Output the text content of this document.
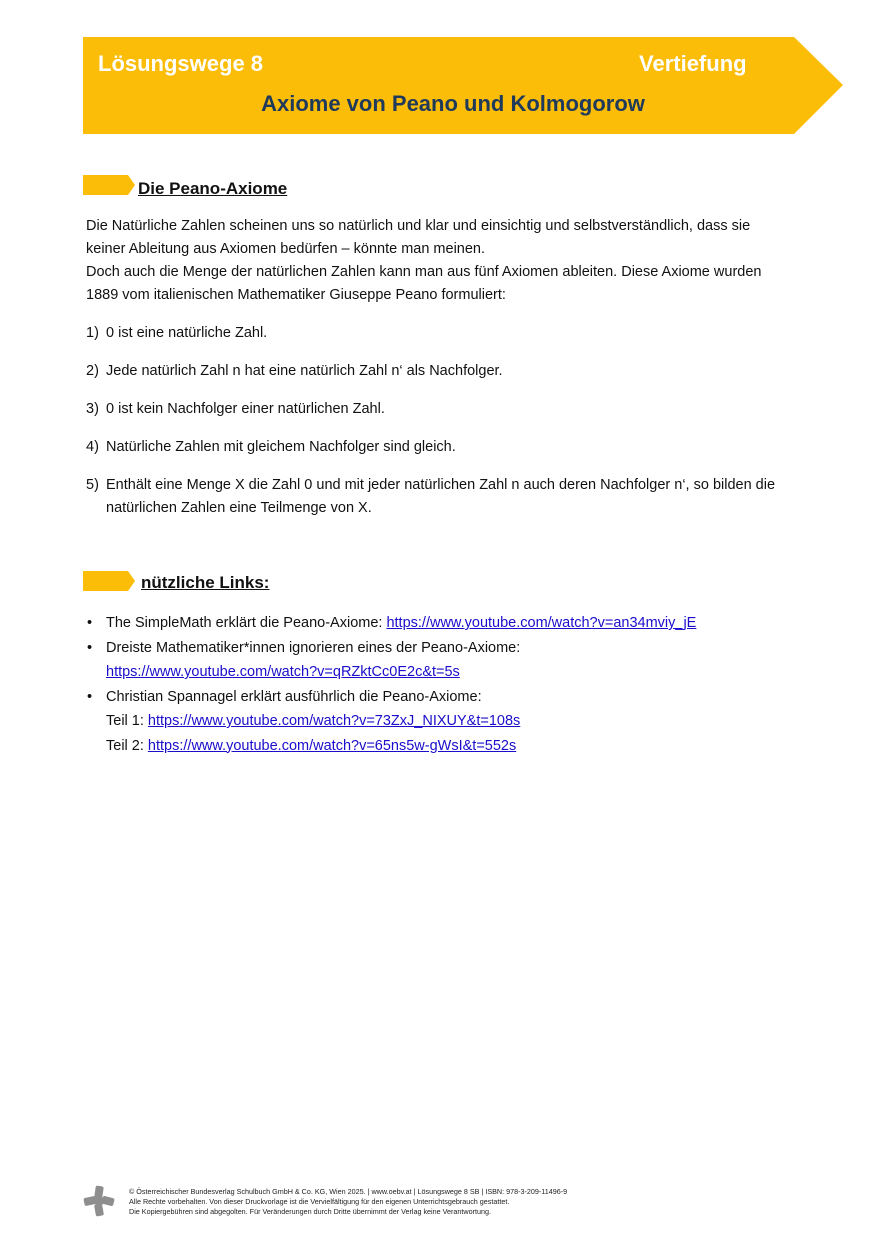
Lösungswege 8	Vertiefung
Axiome von Peano und Kolmogorow
Die Peano-Axiome
Die Natürliche Zahlen scheinen uns so natürlich und klar und einsichtig und selbstverständlich, dass sie
keiner Ableitung aus Axiomen bedürfen – könnte man meinen.
Doch auch die Menge der natürlichen Zahlen kann man aus fünf Axiomen ableiten. Diese Axiome wurden
1889 vom italienischen Mathematiker Giuseppe Peano formuliert:
1) 0 ist eine natürliche Zahl.
2) Jede natürlich Zahl n hat eine natürlich Zahl n‘ als Nachfolger.
3) 0 ist kein Nachfolger einer natürlichen Zahl.
4) Natürliche Zahlen mit gleichem Nachfolger sind gleich.
5) Enthält eine Menge X die Zahl 0 und mit jeder natürlichen Zahl n auch deren Nachfolger n‘, so bilden die natürlichen Zahlen eine Teilmenge von X.
nützliche Links:
• The SimpleMath erklärt die Peano-Axiome: https://www.youtube.com/watch?v=an34mviy_jE
• Dreiste Mathematiker*innen ignorieren eines der Peano-Axiome:
https://www.youtube.com/watch?v=qRZktCc0E2c&t=5s
• Christian Spannagel erklärt ausführlich die Peano-Axiome:
Teil 1: https://www.youtube.com/watch?v=73ZxJ_NIXUY&t=108s
Teil 2: https://www.youtube.com/watch?v=65ns5w-gWsI&t=552s
© Österreichischer Bundesverlag Schulbuch GmbH & Co. KG, Wien 2025. | www.oebv.at | Lösungswege 8 SB | ISBN: 978-3-209-11496-9
Alle Rechte vorbehalten. Von dieser Druckvorlage ist die Vervielfältigung für den eigenen Unterrichtsgebrauch gestattet.
Die Kopiergebühren sind abgegolten. Für Veränderungen durch Dritte übernimmt der Verlag keine Verantwortung.
